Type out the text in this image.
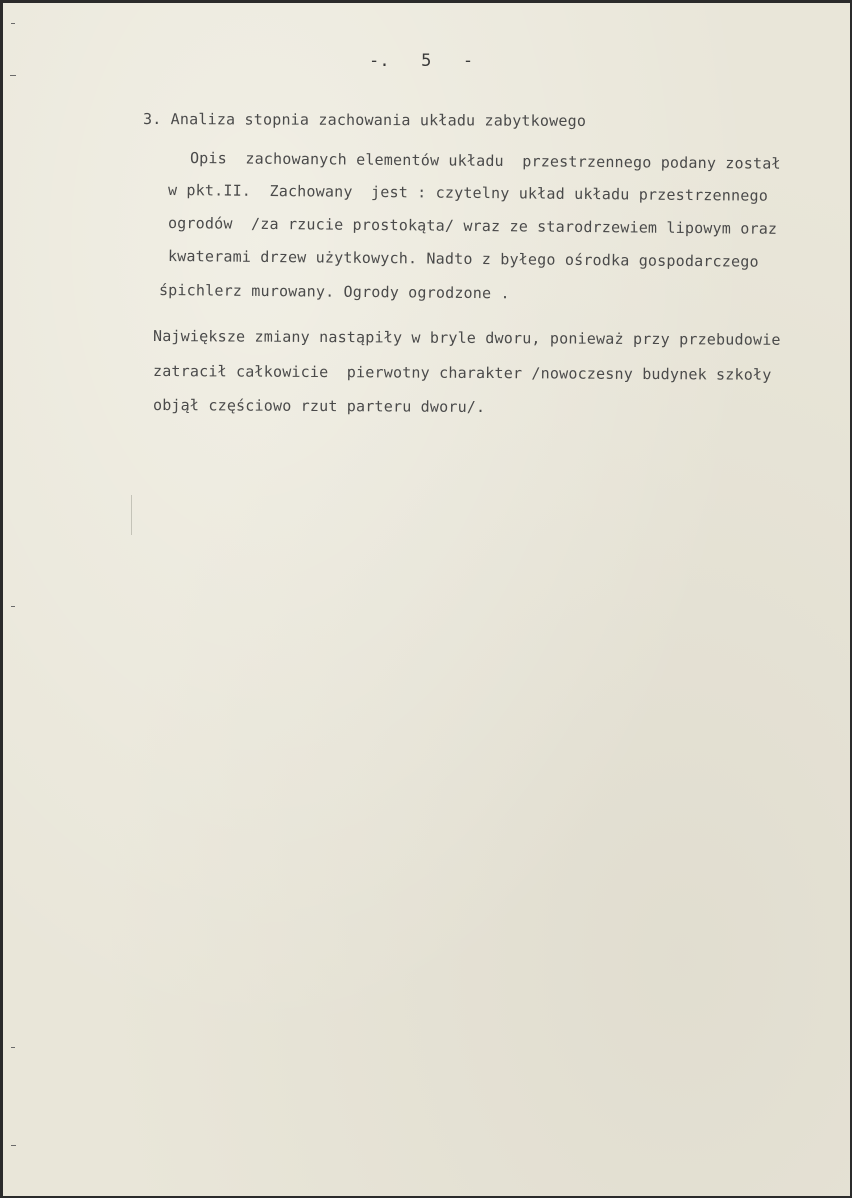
-.   5   -
3. Analiza stopnia zachowania układu zabytkowego
Opis  zachowanych elementów układu  przestrzennego podany został
w pkt.II.  Zachowany  jest : czytelny układ układu przestrzennego
ogrodów  /za rzucie prostokąta/ wraz ze starodrzewiem lipowym oraz
kwaterami drzew użytkowych. Nadto z byłego ośrodka gospodarczego
śpichlerz murowany. Ogrody ogrodzone .
Największe zmiany nastąpiły w bryle dworu, ponieważ przy przebudowie
zatracił całkowicie  pierwotny charakter /nowoczesny budynek szkoły
objął częściowo rzut parteru dworu/.
